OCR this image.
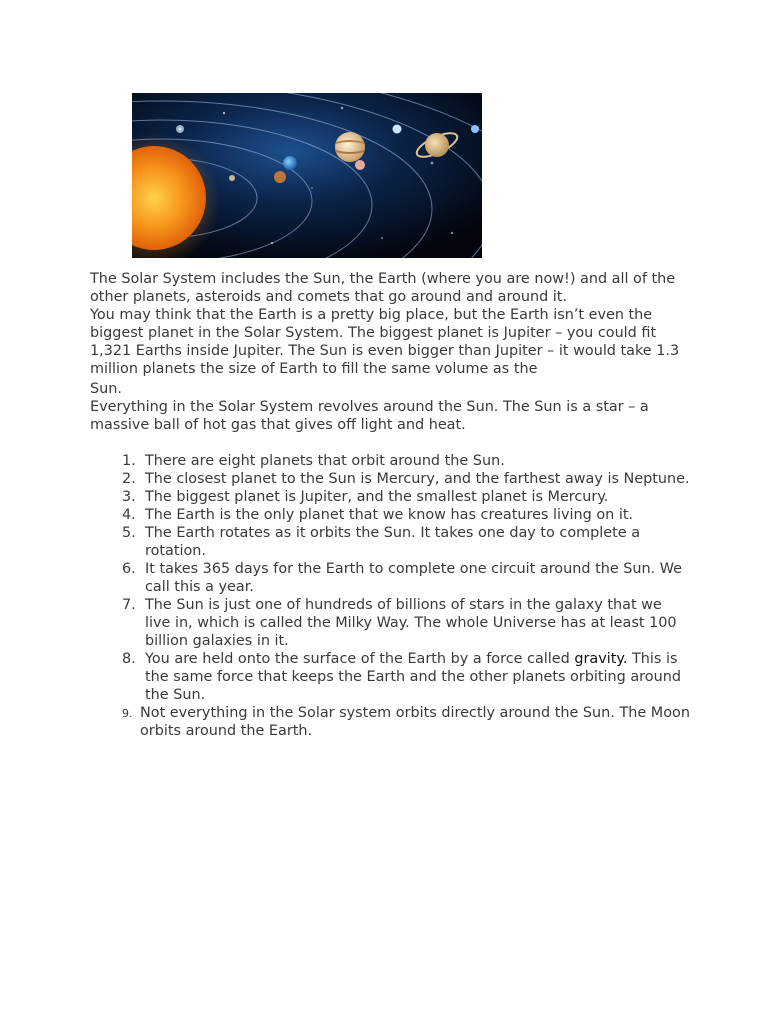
The Solar System includes the Sun, the Earth (where you are now!) and all of the other planets, asteroids and comets that go around and around it.

You may think that the Earth is a pretty big place, but the Earth isn’t even the biggest planet in the Solar System. The biggest planet is Jupiter – you could fit 1,321 Earths inside Jupiter. The Sun is even bigger than Jupiter – it would take 1.3 million planets the size of Earth to fill the same volume as the
Sun.

Everything in the Solar System revolves around the Sun. The Sun is a star – a massive ball of hot gas that gives off light and heat.

1. There are eight planets that orbit around the Sun.
2. The closest planet to the Sun is Mercury, and the farthest away is Neptune.
3. The biggest planet is Jupiter, and the smallest planet is Mercury.
4. The Earth is the only planet that we know has creatures living on it.
5. The Earth rotates as it orbits the Sun. It takes one day to complete a rotation.
6. It takes 365 days for the Earth to complete one circuit around the Sun. We call this a year.
7. The Sun is just one of hundreds of billions of stars in the galaxy that we live in, which is called the Milky Way. The whole Universe has at least 100 billion galaxies in it.
8. You are held onto the surface of the Earth by a force called gravity. This is the same force that keeps the Earth and the other planets orbiting around the Sun.
9. Not everything in the Solar system orbits directly around the Sun. The Moon orbits around the Earth.
